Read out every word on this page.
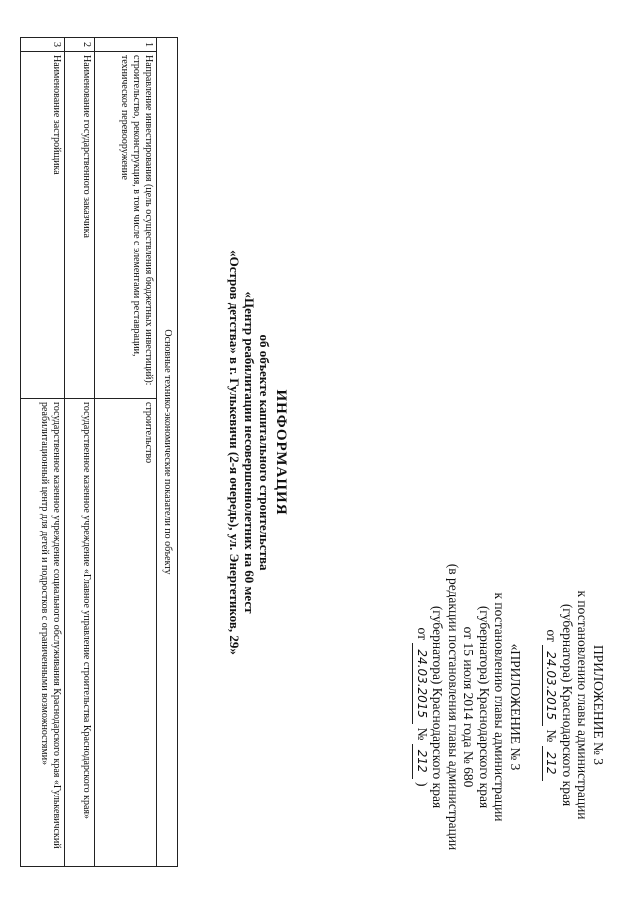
ПРИЛОЖЕНИЕ № 3
к постановлению главы администрации
(губернатора) Краснодарского края
от 24.03.2015 № 212
«ПРИЛОЖЕНИЕ № 3
к постановлению главы администрации
(губернатора) Краснодарского края
от 15 июля 2014 года № 680
(в редакции постановления главы администрации
(губернатора) Краснодарского края
от 24.03.2015 № 212 )
ИНФОРМАЦИЯ
об объекте капитального строительства
«Центр реабилитации несовершеннолетних на 60 мест
«Остров детства» в г. Гулькевичи (2-я очередь), ул. Энергетиков, 29»
Основные технико-экономические показатели по объекту		
1	Направление инвестирования (цель осуществления бюджетных инвестиций): строительство, реконструкция, в том числе с элементами реставрации, техническое перевооружение	строительство
2	Наименование государственного заказчика	государственное казенное учреждение «Главное управление строительства Краснодарского края»
3	Наименование застройщика	государственное казенное учреждение социального обслуживания Краснодарского края «Гулькевичский реабилитационный центр для детей и подростков с ограниченными возможностями»
